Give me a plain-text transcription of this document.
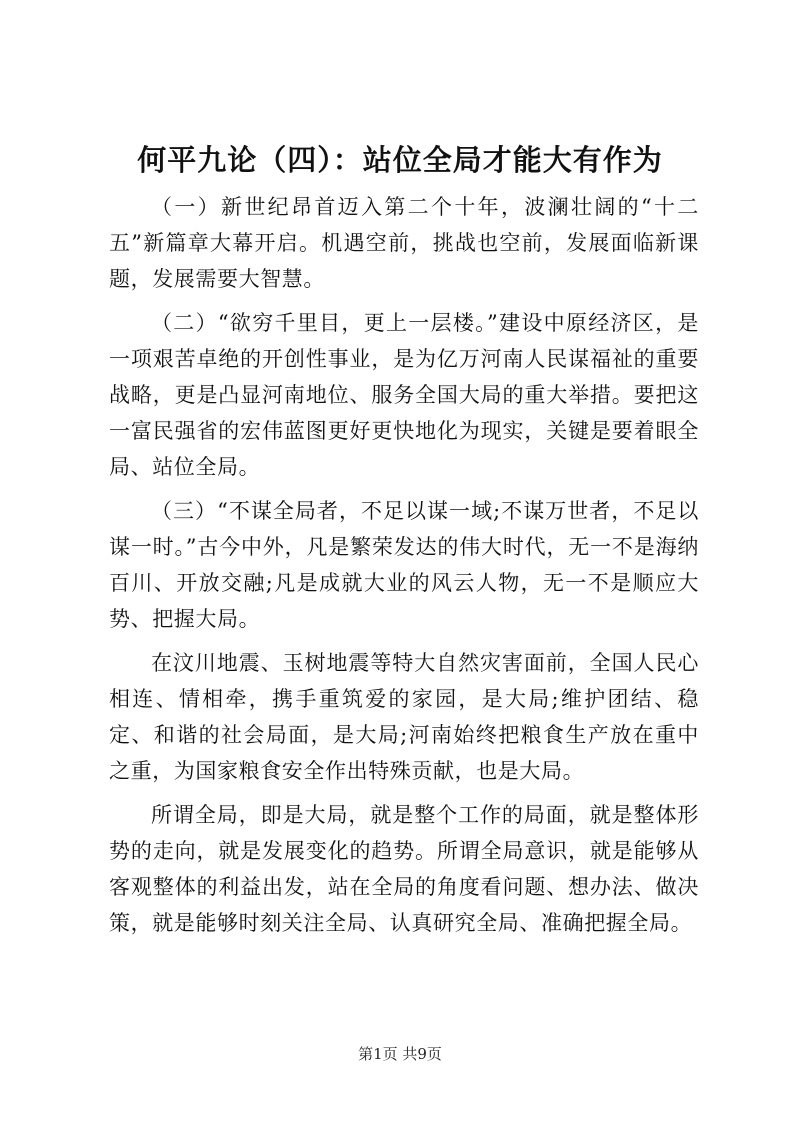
何平九论（四）：站位全局才能大有作为

（一）新世纪昂首迈入第二个十年，波澜壮阔的“十二五”新篇章大幕开启。机遇空前，挑战也空前，发展面临新课题，发展需要大智慧。

（二）“欲穷千里目，更上一层楼。”建设中原经济区，是一项艰苦卓绝的开创性事业，是为亿万河南人民谋福祉的重要战略，更是凸显河南地位、服务全国大局的重大举措。要把这一富民强省的宏伟蓝图更好更快地化为现实，关键是要着眼全局、站位全局。

（三）“不谋全局者，不足以谋一域;不谋万世者，不足以谋一时。”古今中外，凡是繁荣发达的伟大时代，无一不是海纳百川、开放交融;凡是成就大业的风云人物，无一不是顺应大势、把握大局。

在汶川地震、玉树地震等特大自然灾害面前，全国人民心相连、情相牵，携手重筑爱的家园，是大局;维护团结、稳定、和谐的社会局面，是大局;河南始终把粮食生产放在重中之重，为国家粮食安全作出特殊贡献，也是大局。

所谓全局，即是大局，就是整个工作的局面，就是整体形势的走向，就是发展变化的趋势。所谓全局意识，就是能够从客观整体的利益出发，站在全局的角度看问题、想办法、做决策，就是能够时刻关注全局、认真研究全局、准确把握全局。

第1页 共9页
